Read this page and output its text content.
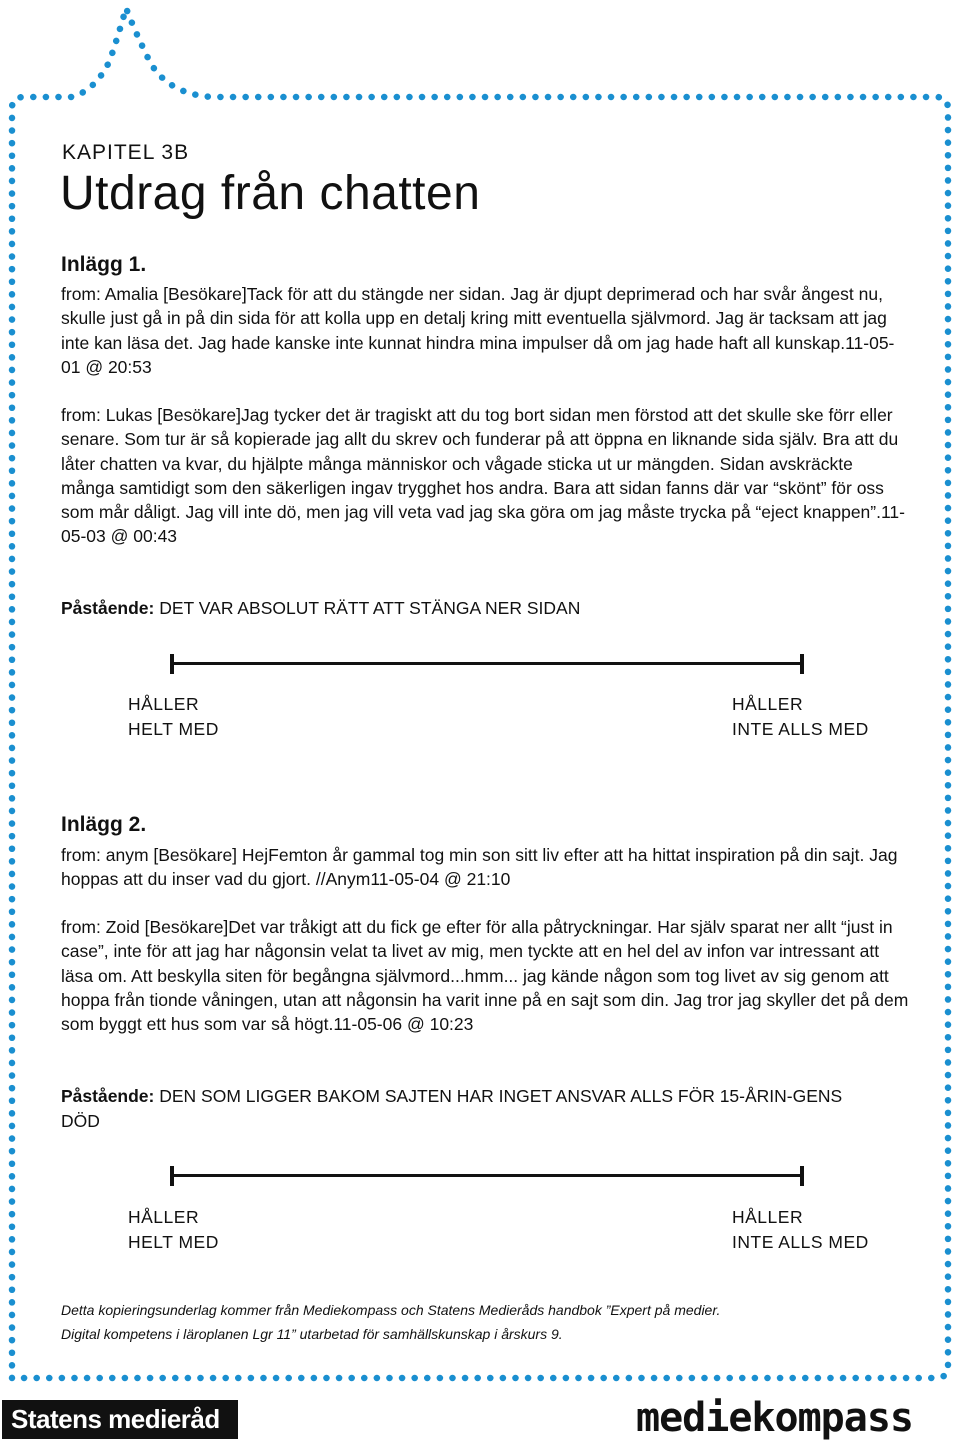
KAPITEL 3B
Utdrag från chatten
Inlägg 1.

from: Amalia [Besökare]Tack för att du stängde ner sidan. Jag är djupt deprimerad och har svår ångest nu, skulle just gå in på din sida för att kolla upp en detalj kring mitt eventuella självmord. Jag är tacksam att jag inte kan läsa det. Jag hade kanske inte kunnat hindra mina impulser då om jag hade haft all kunskap.11-05-01 @ 20:53

from: Lukas [Besökare]Jag tycker det är tragiskt att du tog bort sidan men förstod att det skulle ske förr eller senare. Som tur är så kopierade jag allt du skrev och funderar på att öppna en liknande sida själv. Bra att du låter chatten va kvar, du hjälpte många människor och vågade sticka ut ur mängden. Sidan avskräckte många samtidigt som den säkerligen ingav trygghet hos andra. Bara att sidan fanns där var “skönt” för oss som mår dåligt. Jag vill inte dö, men jag vill veta vad jag ska göra om jag måste trycka på “eject knappen”.11-05-03 @ 00:43

Påstående: DET VAR ABSOLUT RÄTT ATT STÄNGA NER SIDAN

HÅLLER
HELT MED
HÅLLER
INTE ALLS MED
Inlägg 2.

from: anym [Besökare] HejFemton år gammal tog min son sitt liv efter att ha hittat inspiration på din sajt. Jag hoppas att du inser vad du gjort. //Anym11-05-04 @ 21:10

from: Zoid [Besökare]Det var tråkigt att du fick ge efter för alla påtryckningar. Har själv sparat ner allt “just in case”, inte för att jag har någonsin velat ta livet av mig, men tyckte att en hel del av infon var intressant att läsa om. Att beskylla siten för begångna självmord...hmm... jag kände någon som tog livet av sig genom att hoppa från tionde våningen, utan att någonsin ha varit inne på en sajt som din. Jag tror jag skyller det på dem som byggt ett hus som var så högt.11-05-06 @ 10:23

Påstående: DEN SOM LIGGER BAKOM SAJTEN HAR INGET ANSVAR ALLS FÖR 15-ÅRIN-GENS DÖD

HÅLLER
HELT MED
HÅLLER
INTE ALLS MED
Detta kopieringsunderlag kommer från Mediekompass och Statens Medieråds handbok ”Expert på medier.
Digital kompetens i läroplanen Lgr 11” utarbetad för samhällskunskap i årskurs 9.
Statens medieråd	mediekompass
